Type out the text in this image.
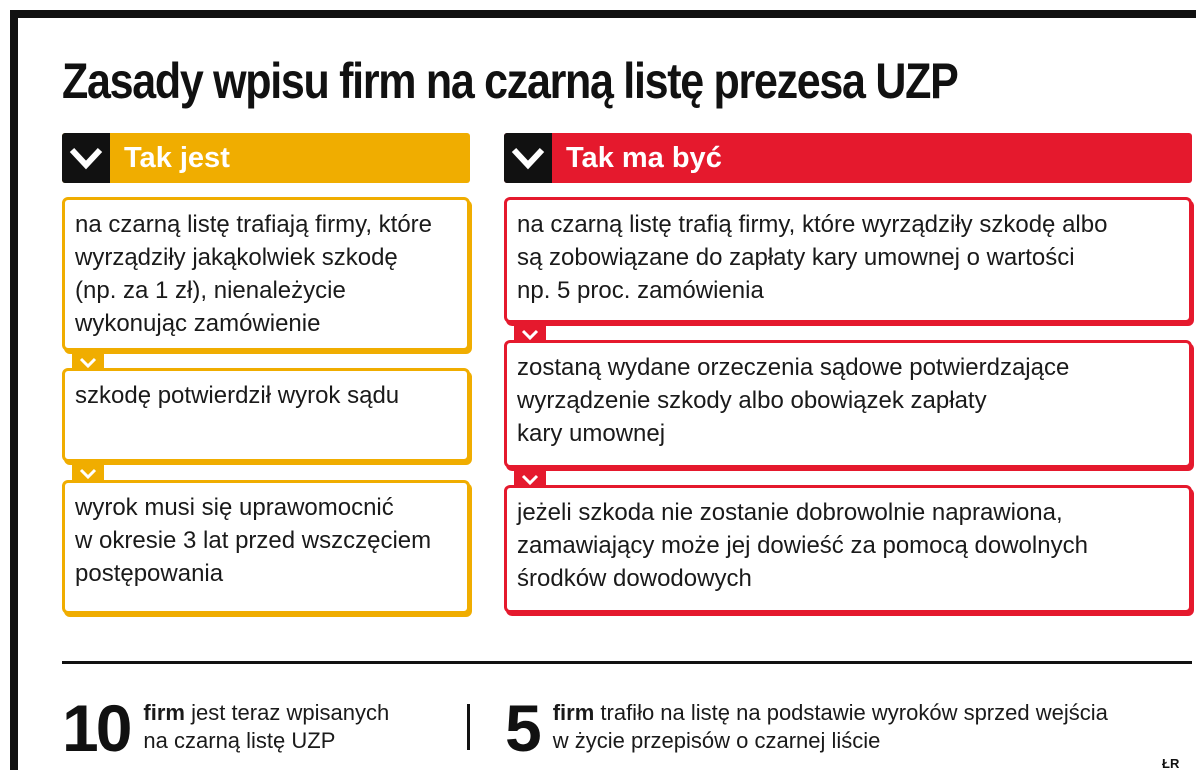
Zasady wpisu firm na czarną listę prezesa UZP
Tak jest
na czarną listę trafiają firmy, które
wyrządziły jakąkolwiek szkodę
(np. za 1 zł), nienależycie
wykonując zamówienie
szkodę potwierdził wyrok sądu
wyrok musi się uprawomocnić
w okresie 3 lat przed wszczęciem
postępowania
Tak ma być
na czarną listę trafią firmy, które wyrządziły szkodę albo
są zobowiązane do zapłaty kary umownej o wartości
np. 5 proc. zamówienia
zostaną wydane orzeczenia sądowe potwierdzające
wyrządzenie szkody albo obowiązek zapłaty
kary umownej
jeżeli szkoda nie zostanie dobrowolnie naprawiona,
zamawiający może jej dowieść za pomocą dowolnych
środków dowodowych
10 firm jest teraz wpisanych
na czarną listę UZP	5 firm trafiło na listę na podstawie wyroków sprzed wejścia
w życie przepisów o czarnej liście
ŁR
